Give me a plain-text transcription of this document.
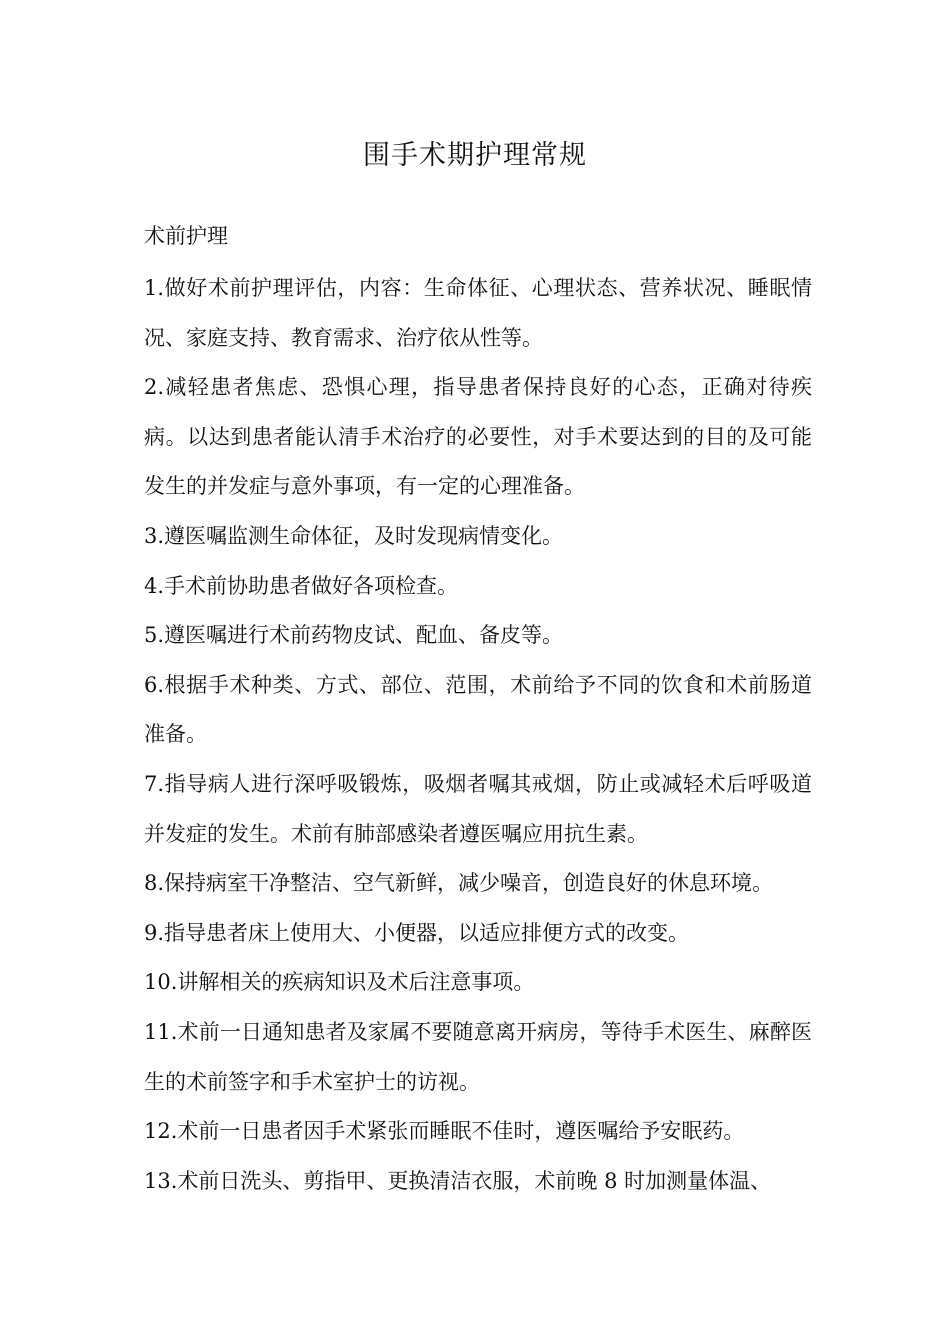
围手术期护理常规
术前护理

1.做好术前护理评估，内容：生命体征、心理状态、营养状况、睡眠情况、家庭支持、教育需求、治疗依从性等。

2.减轻患者焦虑、恐惧心理，指导患者保持良好的心态，正确对待疾病。以达到患者能认清手术治疗的必要性，对手术要达到的目的及可能发生的并发症与意外事项，有一定的心理准备。

3.遵医嘱监测生命体征，及时发现病情变化。

4.手术前协助患者做好各项检查。

5.遵医嘱进行术前药物皮试、配血、备皮等。

6.根据手术种类、方式、部位、范围，术前给予不同的饮食和术前肠道准备。

7.指导病人进行深呼吸锻炼，吸烟者嘱其戒烟，防止或减轻术后呼吸道并发症的发生。术前有肺部感染者遵医嘱应用抗生素。

8.保持病室干净整洁、空气新鲜，减少噪音，创造良好的休息环境。

9.指导患者床上使用大、小便器，以适应排便方式的改变。

10.讲解相关的疾病知识及术后注意事项。

11.术前一日通知患者及家属不要随意离开病房，等待手术医生、麻醉医生的术前签字和手术室护士的访视。

12.术前一日患者因手术紧张而睡眠不佳时，遵医嘱给予安眠药。

13.术前日洗头、剪指甲、更换清洁衣服，术前晚 8 时加测量体温、
